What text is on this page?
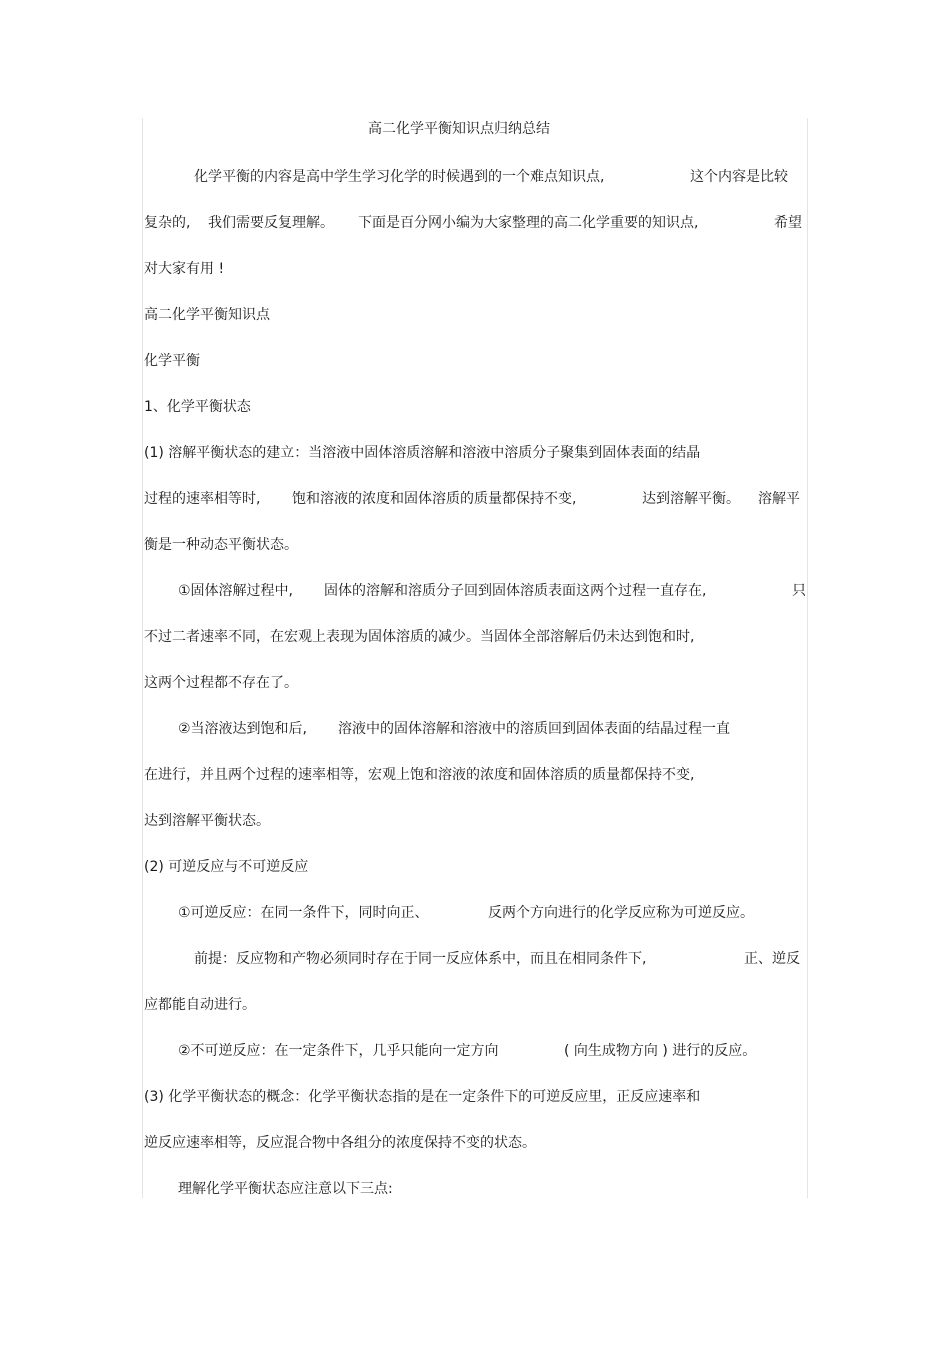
高二化学平衡知识点归纳总结

化学平衡的内容是高中学生学习化学的时候遇到的一个难点知识点,	这个内容是比较

复杂的, 我们需要反复理解。 下面是百分网小编为大家整理的高二化学重要的知识点,	希望

对大家有用 !

高二化学平衡知识点

化学平衡

1、化学平衡状态

(1) 溶解平衡状态的建立：当溶液中固体溶质溶解和溶液中溶质分子聚集到固体表面的结晶

过程的速率相等时, 饱和溶液的浓度和固体溶质的质量都保持不变,	达到溶解平衡。 溶解平

衡是一种动态平衡状态。

①固体溶解过程中, 固体的溶解和溶质分子回到固体溶质表面这两个过程一直存在,	只

不过二者速率不同，在宏观上表现为固体溶质的减少。当固体全部溶解后仍未达到饱和时,

这两个过程都不存在了。

②当溶液达到饱和后, 溶液中的固体溶解和溶液中的溶质回到固体表面的结晶过程一直

在进行，并且两个过程的速率相等，宏观上饱和溶液的浓度和固体溶质的质量都保持不变,

达到溶解平衡状态。

(2) 可逆反应与不可逆反应

①可逆反应：在同一条件下，同时向正、	反两个方向进行的化学反应称为可逆反应。

前提：反应物和产物必须同时存在于同一反应体系中，而且在相同条件下,	正、逆反

应都能自动进行。

②不可逆反应：在一定条件下，几乎只能向一定方向	( 向生成物方向 ) 进行的反应。

(3) 化学平衡状态的概念：化学平衡状态指的是在一定条件下的可逆反应里，正反应速率和

逆反应速率相等，反应混合物中各组分的浓度保持不变的状态。

理解化学平衡状态应注意以下三点:
